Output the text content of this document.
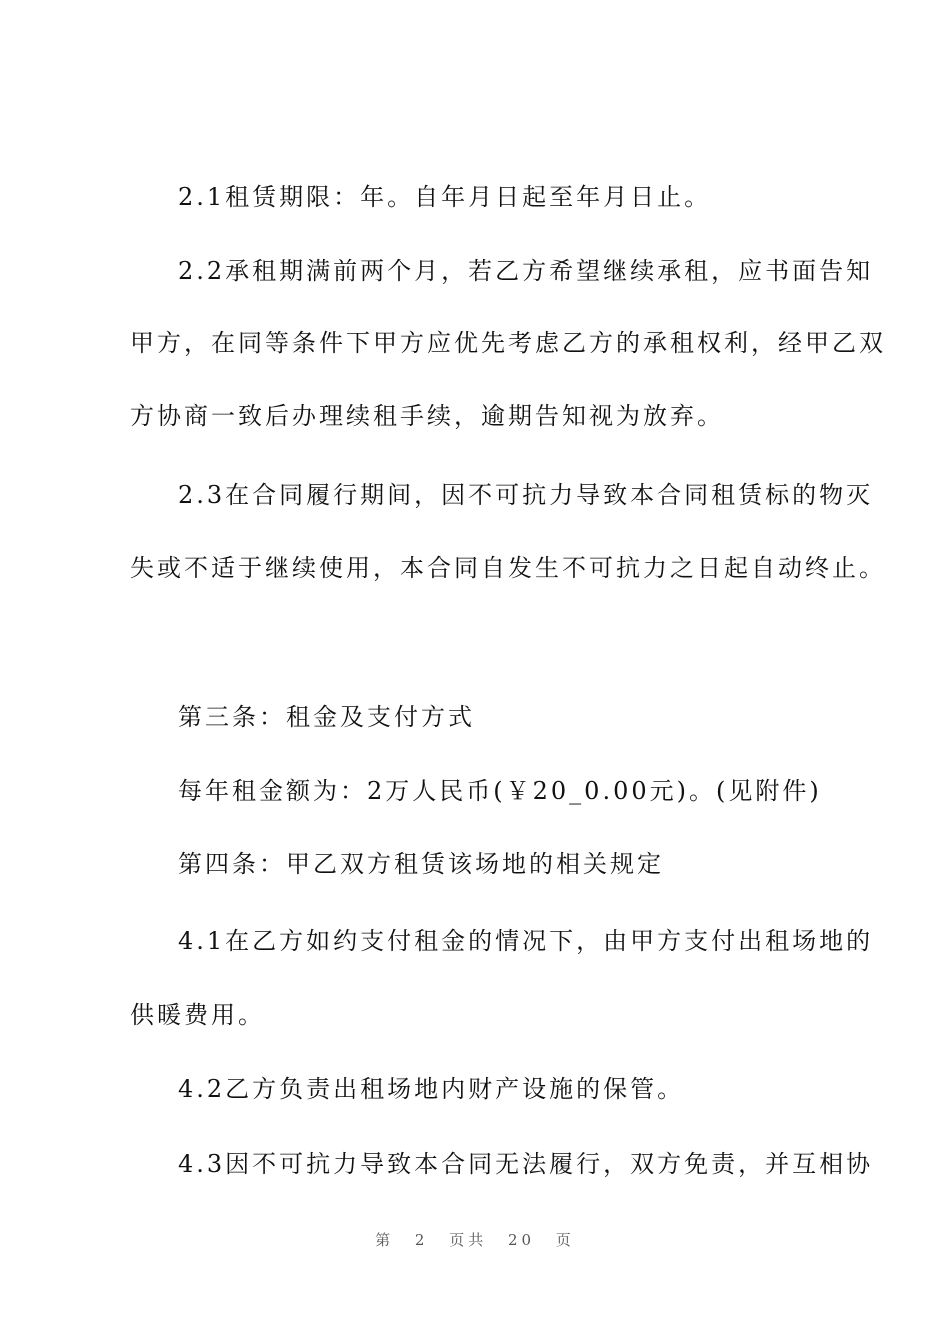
2.1租赁期限：年。自年月日起至年月日止。
2.2承租期满前两个月，若乙方希望继续承租，应书面告知
甲方，在同等条件下甲方应优先考虑乙方的承租权利，经甲乙双
方协商一致后办理续租手续，逾期告知视为放弃。
2.3在合同履行期间，因不可抗力导致本合同租赁标的物灭
失或不适于继续使用，本合同自发生不可抗力之日起自动终止。
第三条：租金及支付方式
每年租金额为：2万人民币(￥20_0.00元)。(见附件)
第四条：甲乙双方租赁该场地的相关规定
4.1在乙方如约支付租金的情况下，由甲方支付出租场地的
供暖费用。
4.2乙方负责出租场地内财产设施的保管。
4.3因不可抗力导致本合同无法履行，双方免责，并互相协
第 2 页共 20 页
